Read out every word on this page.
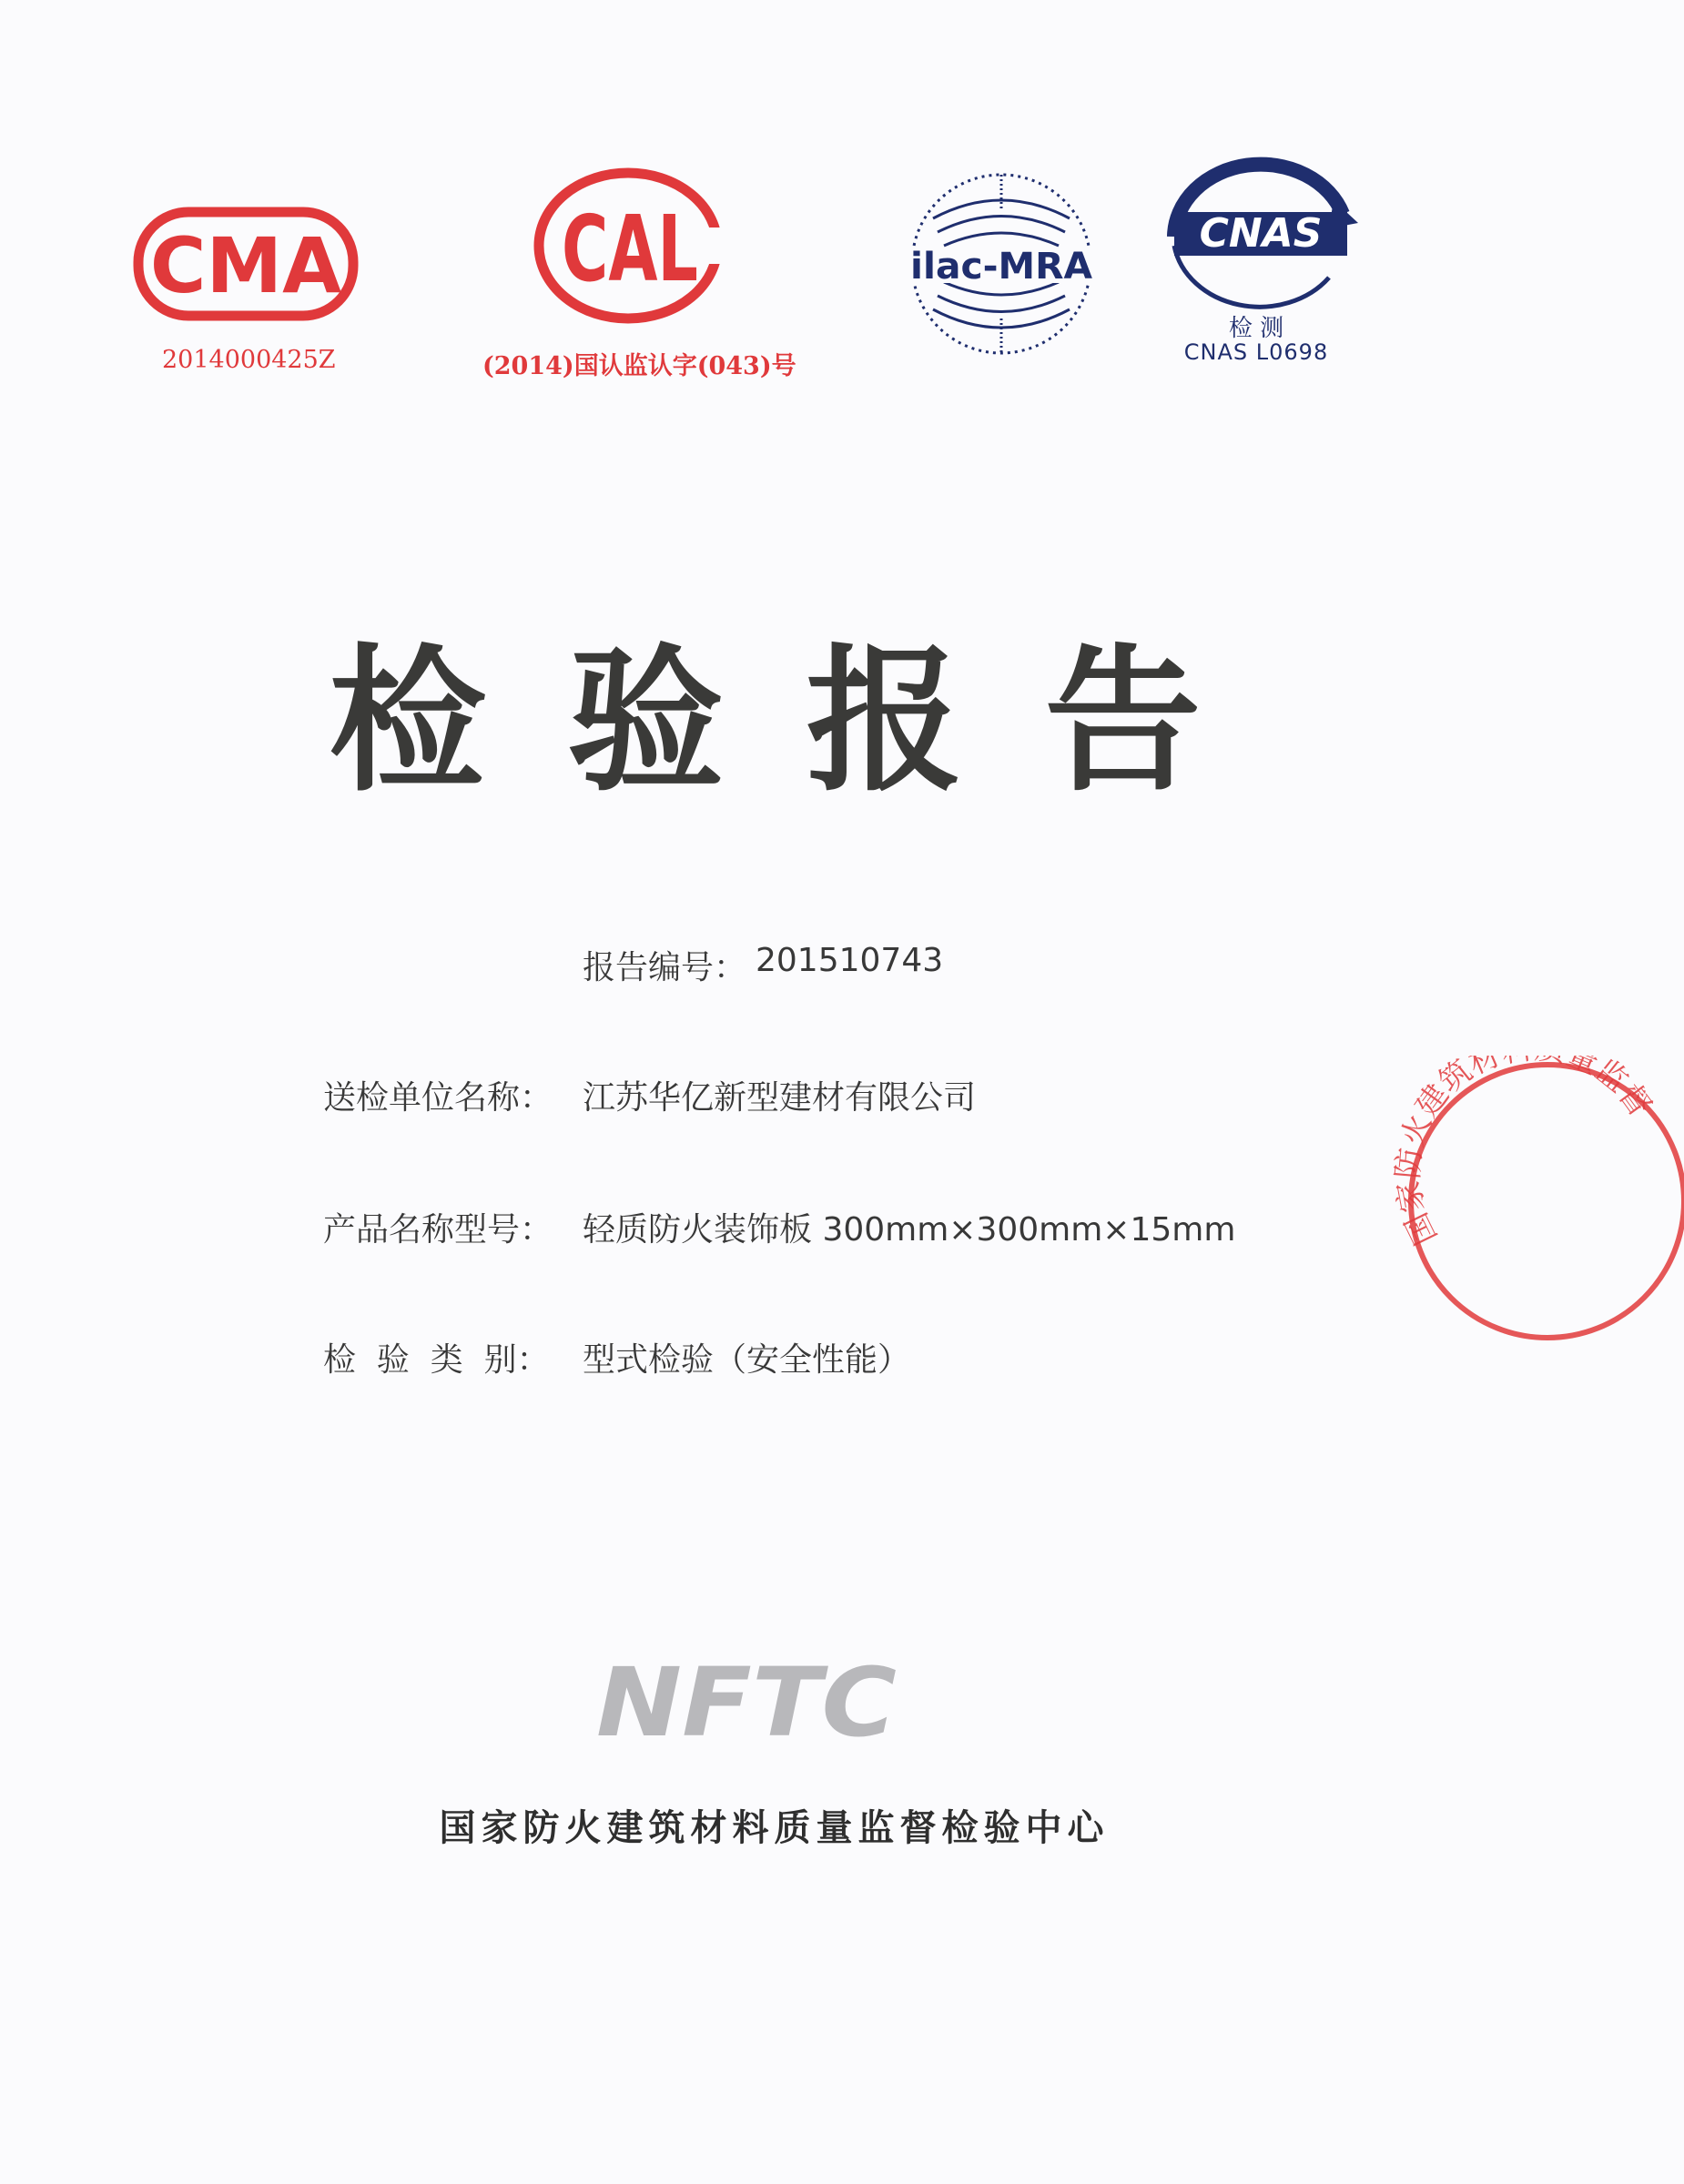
CMA
2014000425Z
CAL
(2014)国认监认字(043)号
ilac-MRA
CNAS
检 测
CNAS L0698
检验报告
报告编号： 201510743
送检单位名称： 江苏华亿新型建材有限公司
产品名称型号： 轻质防火装饰板 300mm×300mm×15mm
检  验  类  别： 型式检验（安全性能）
国家防火建筑材 量监督
NFTC
国家防火建筑材料质量监督检验中心
